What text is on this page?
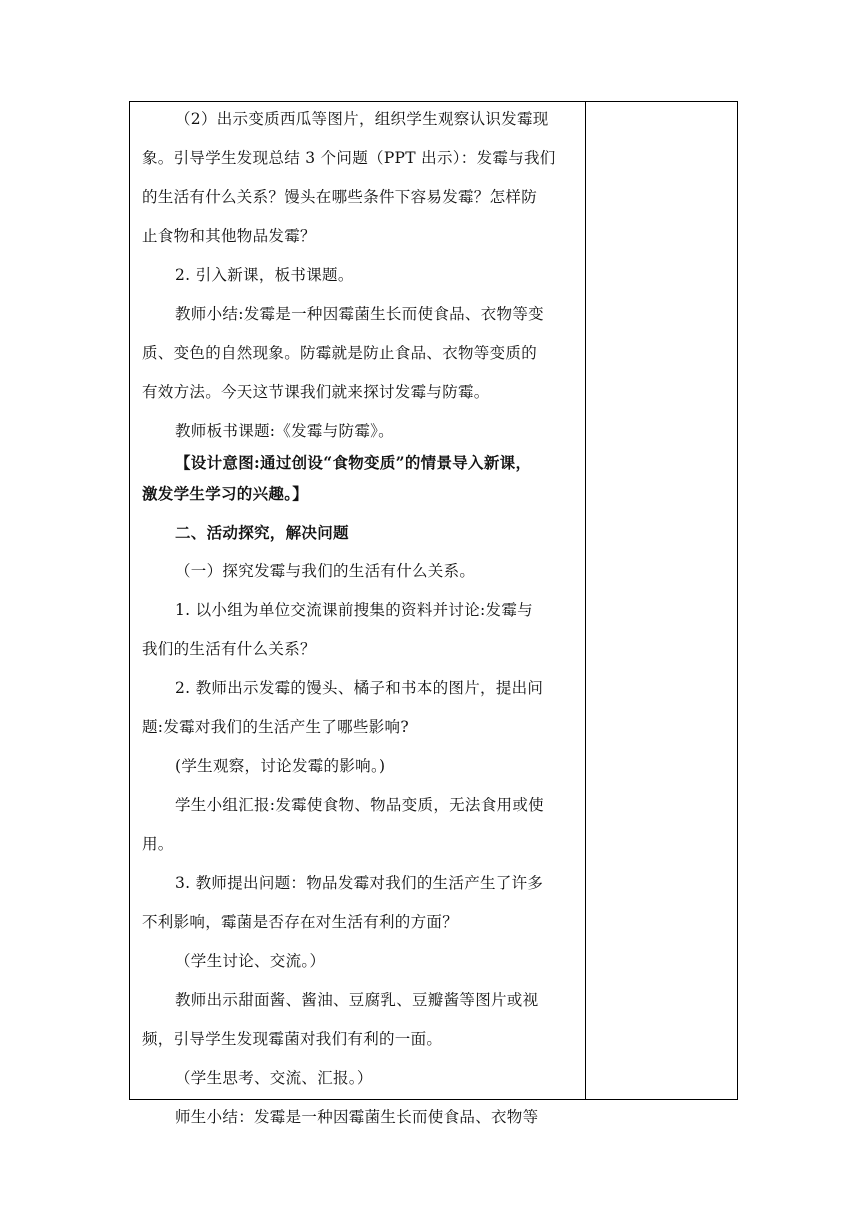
（2）出示变质西瓜等图片，组织学生观察认识发霉现

象。引导学生发现总结 3 个问题（PPT 出示）：发霉与我们

的生活有什么关系？馒头在哪些条件下容易发霉？怎样防

止食物和其他物品发霉？

2. 引入新课，板书课题。

教师小结:发霉是一种因霉菌生长而使食品、衣物等变

质、变色的自然现象。防霉就是防止食品、衣物等变质的

有效方法。今天这节课我们就来探讨发霉与防霉。

教师板书课题:《发霉与防霉》。

【设计意图:通过创设“食物变质”的情景导入新课，

激发学生学习的兴趣。】

二、活动探究，解决问题

（一）探究发霉与我们的生活有什么关系。

1. 以小组为单位交流课前搜集的资料并讨论:发霉与

我们的生活有什么关系？

2. 教师出示发霉的馒头、橘子和书本的图片，提出问

题:发霉对我们的生活产生了哪些影响?

(学生观察，讨论发霉的影响。)

学生小组汇报:发霉使食物、物品变质，无法食用或使

用。

3. 教师提出问题：物品发霉对我们的生活产生了许多

不利影响，霉菌是否存在对生活有利的方面？

（学生讨论、交流。）

教师出示甜面酱、酱油、豆腐乳、豆瓣酱等图片或视

频，引导学生发现霉菌对我们有利的一面。

（学生思考、交流、汇报。）

师生小结：发霉是一种因霉菌生长而使食品、衣物等
